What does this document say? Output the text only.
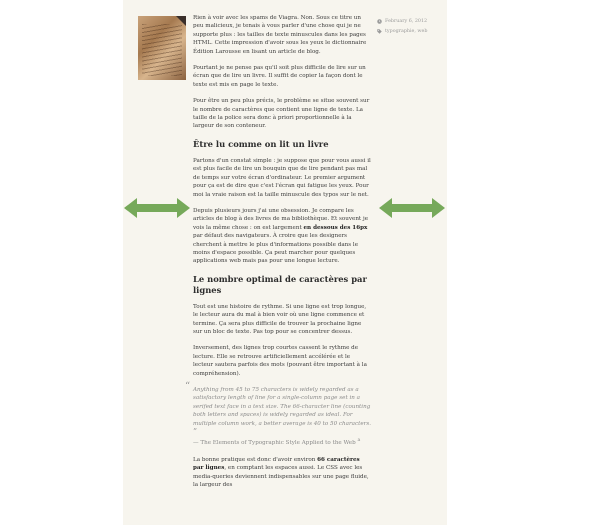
Rien à voir avec les spams de Viagra. Non. Sous ce titre un peu malicieux, je tenais à vous parler d'une chose qui je ne supporte plus : les tailles de texte minuscules dans les pages HTML. Cette impression d'avoir sous les yeux le dictionnaire Édition Larousse en lisant un article de blog.

Pourtant je ne pense pas qu'il soit plus difficile de lire sur un écran que de lire un livre. Il suffit de copier la façon dont le texte est mis en page le texte.

Pour être un peu plus précis, le problème se situe souvent sur le nombre de caractères que contient une ligne de texte. La taille de la police sera donc à priori proportionnelle à la largeur de son conteneur.

Être lu comme on lit un livre

Partons d'un constat simple : je suppose que pour vous aussi il est plus facile de lire un bouquin que de lire pendant pas mal de temps sur votre écran d'ordinateur. Le premier argument pour ça est de dire que c'est l'écran qui fatigue les yeux. Pour moi la vraie raison est la taille minuscule des typos sur le net.

Depuis plusieurs jours j'ai une obsession. Je compare les articles de blog à des livres de ma bibliothèque. Et souvent je vois la même chose : on est largement en dessous des 16px par défaut des navigateurs. À croire que les designers cherchent à mettre le plus d'informations possible dans le moins d'espace possible. Ça peut marcher pour quelques applications web mais pas pour une longue lecture.

Le nombre optimal de caractères par lignes

Tout est une histoire de rythme. Si une ligne est trop longue, le lecteur aura du mal à bien voir où une ligne commence et termine. Ça sera plus difficile de trouver la prochaine ligne sur un bloc de texte. Pas top pour se concentrer dessus.

Inversement, des lignes trop courtes cassent le rythme de lecture. Elle se retrouve artificiellement accélérée et le lecteur sautera parfois des mots (pouvant être important à la compréhension).

“ Anything from 45 to 75 characters is widely regarded as a satisfactory length of line for a single-column page set in a serifed text face in a text size. The 66-character line (counting both letters and spaces) is widely regarded as ideal. For multiple column work, a better average is 40 to 50 characters.
”
— The Elements of Typographic Style Applied to the Web $^a$

La bonne pratique est donc d'avoir environ 66 caractères par lignes, en comptant les espaces aussi. Le CSS avec les media-queries deviennent indispensables sur une page fluide, la largeur des

February 6, 2012
typographie, web
